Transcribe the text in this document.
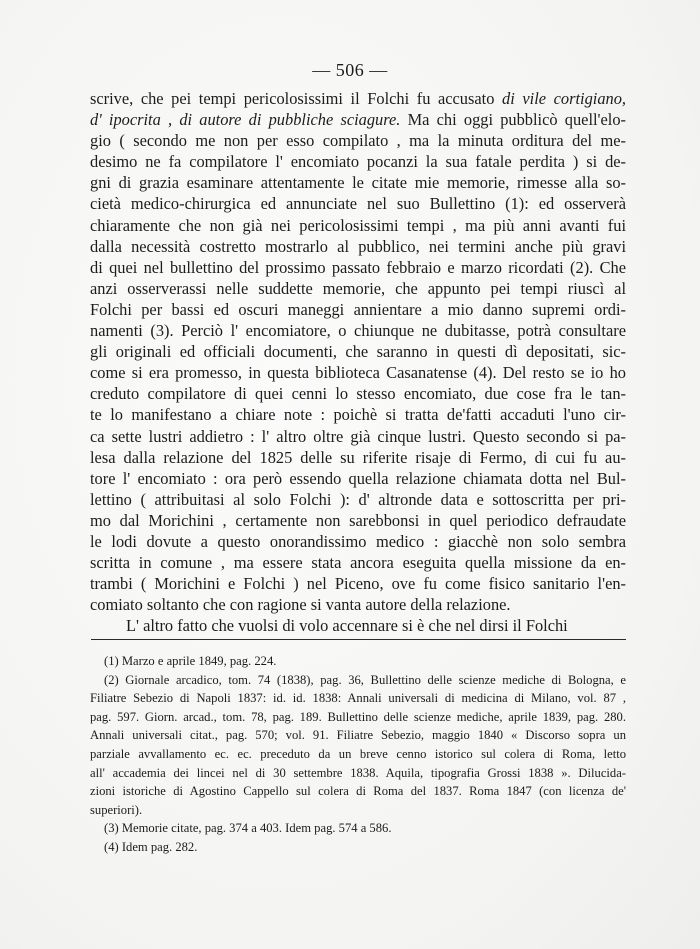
— 506 —
scrive, che pei tempi pericolosissimi il Folchi fu accusato di vile cortigiano,
d' ipocrita , di autore di pubbliche sciagure. Ma chi oggi pubblicò quell'elo-
gio ( secondo me non per esso compilato , ma la minuta orditura del me-
desimo ne fa compilatore l' encomiato pocanzi la sua fatale perdita ) si de-
gni di grazia esaminare attentamente le citate mie memorie, rimesse alla so-
cietà medico-chirurgica ed annunciate nel suo Bullettino (1): ed osserverà
chiaramente che non già nei pericolosissimi tempi , ma più anni avanti fui
dalla necessità costretto mostrarlo al pubblico, nei termini anche più gravi
di quei nel bullettino del prossimo passato febbraio e marzo ricordati (2). Che
anzi osserverassi nelle suddette memorie, che appunto pei tempi riuscì al
Folchi per bassi ed oscuri maneggi annientare a mio danno supremi ordi-
namenti (3). Perciò l' encomiatore, o chiunque ne dubitasse, potrà consultare
gli originali ed officiali documenti, che saranno in questi dì depositati, sic-
come si era promesso, in questa biblioteca Casanatense (4). Del resto se io ho
creduto compilatore di quei cenni lo stesso encomiato, due cose fra le tan-
te lo manifestano a chiare note : poichè si tratta de'fatti accaduti l'uno cir-
ca sette lustri addietro : l' altro oltre già cinque lustri. Questo secondo si pa-
lesa dalla relazione del 1825 delle su riferite risaje di Fermo, di cui fu au-
tore l' encomiato : ora però essendo quella relazione chiamata dotta nel Bul-
lettino ( attribuitasi al solo Folchi ): d' altronde data e sottoscritta per pri-
mo dal Morichini , certamente non sarebbonsi in quel periodico defraudate
le lodi dovute a questo onorandissimo medico : giacchè non solo sembra
scritta in comune , ma essere stata ancora eseguita quella missione da en-
trambi ( Morichini e Folchi ) nel Piceno, ove fu come fisico sanitario l'en-
comiato soltanto che con ragione si vanta autore della relazione.
L' altro fatto che vuolsi di volo accennare si è che nel dirsi il Folchi
(1) Marzo e aprile 1849, pag. 224.
(2) Giornale arcadico, tom. 74 (1838), pag. 36, Bullettino delle scienze mediche di Bologna, e
Filiatre Sebezio di Napoli 1837: id. id. 1838: Annali universali di medicina di Milano, vol. 87 ,
pag. 597. Giorn. arcad., tom. 78, pag. 189. Bullettino delle scienze mediche, aprile 1839, pag. 280.
Annali universali citat., pag. 570; vol. 91. Filiatre Sebezio, maggio 1840 « Discorso sopra un
parziale avvallamento ec. ec. preceduto da un breve cenno istorico sul colera di Roma, letto
all' accademia dei lincei nel di 30 settembre 1838. Aquila, tipografia Grossi 1838 ». Dilucida-
zioni istoriche di Agostino Cappello sul colera di Roma del 1837. Roma 1847 (con licenza de'
superiori).
(3) Memorie citate, pag. 374 a 403. Idem pag. 574 a 586.
(4) Idem pag. 282.
